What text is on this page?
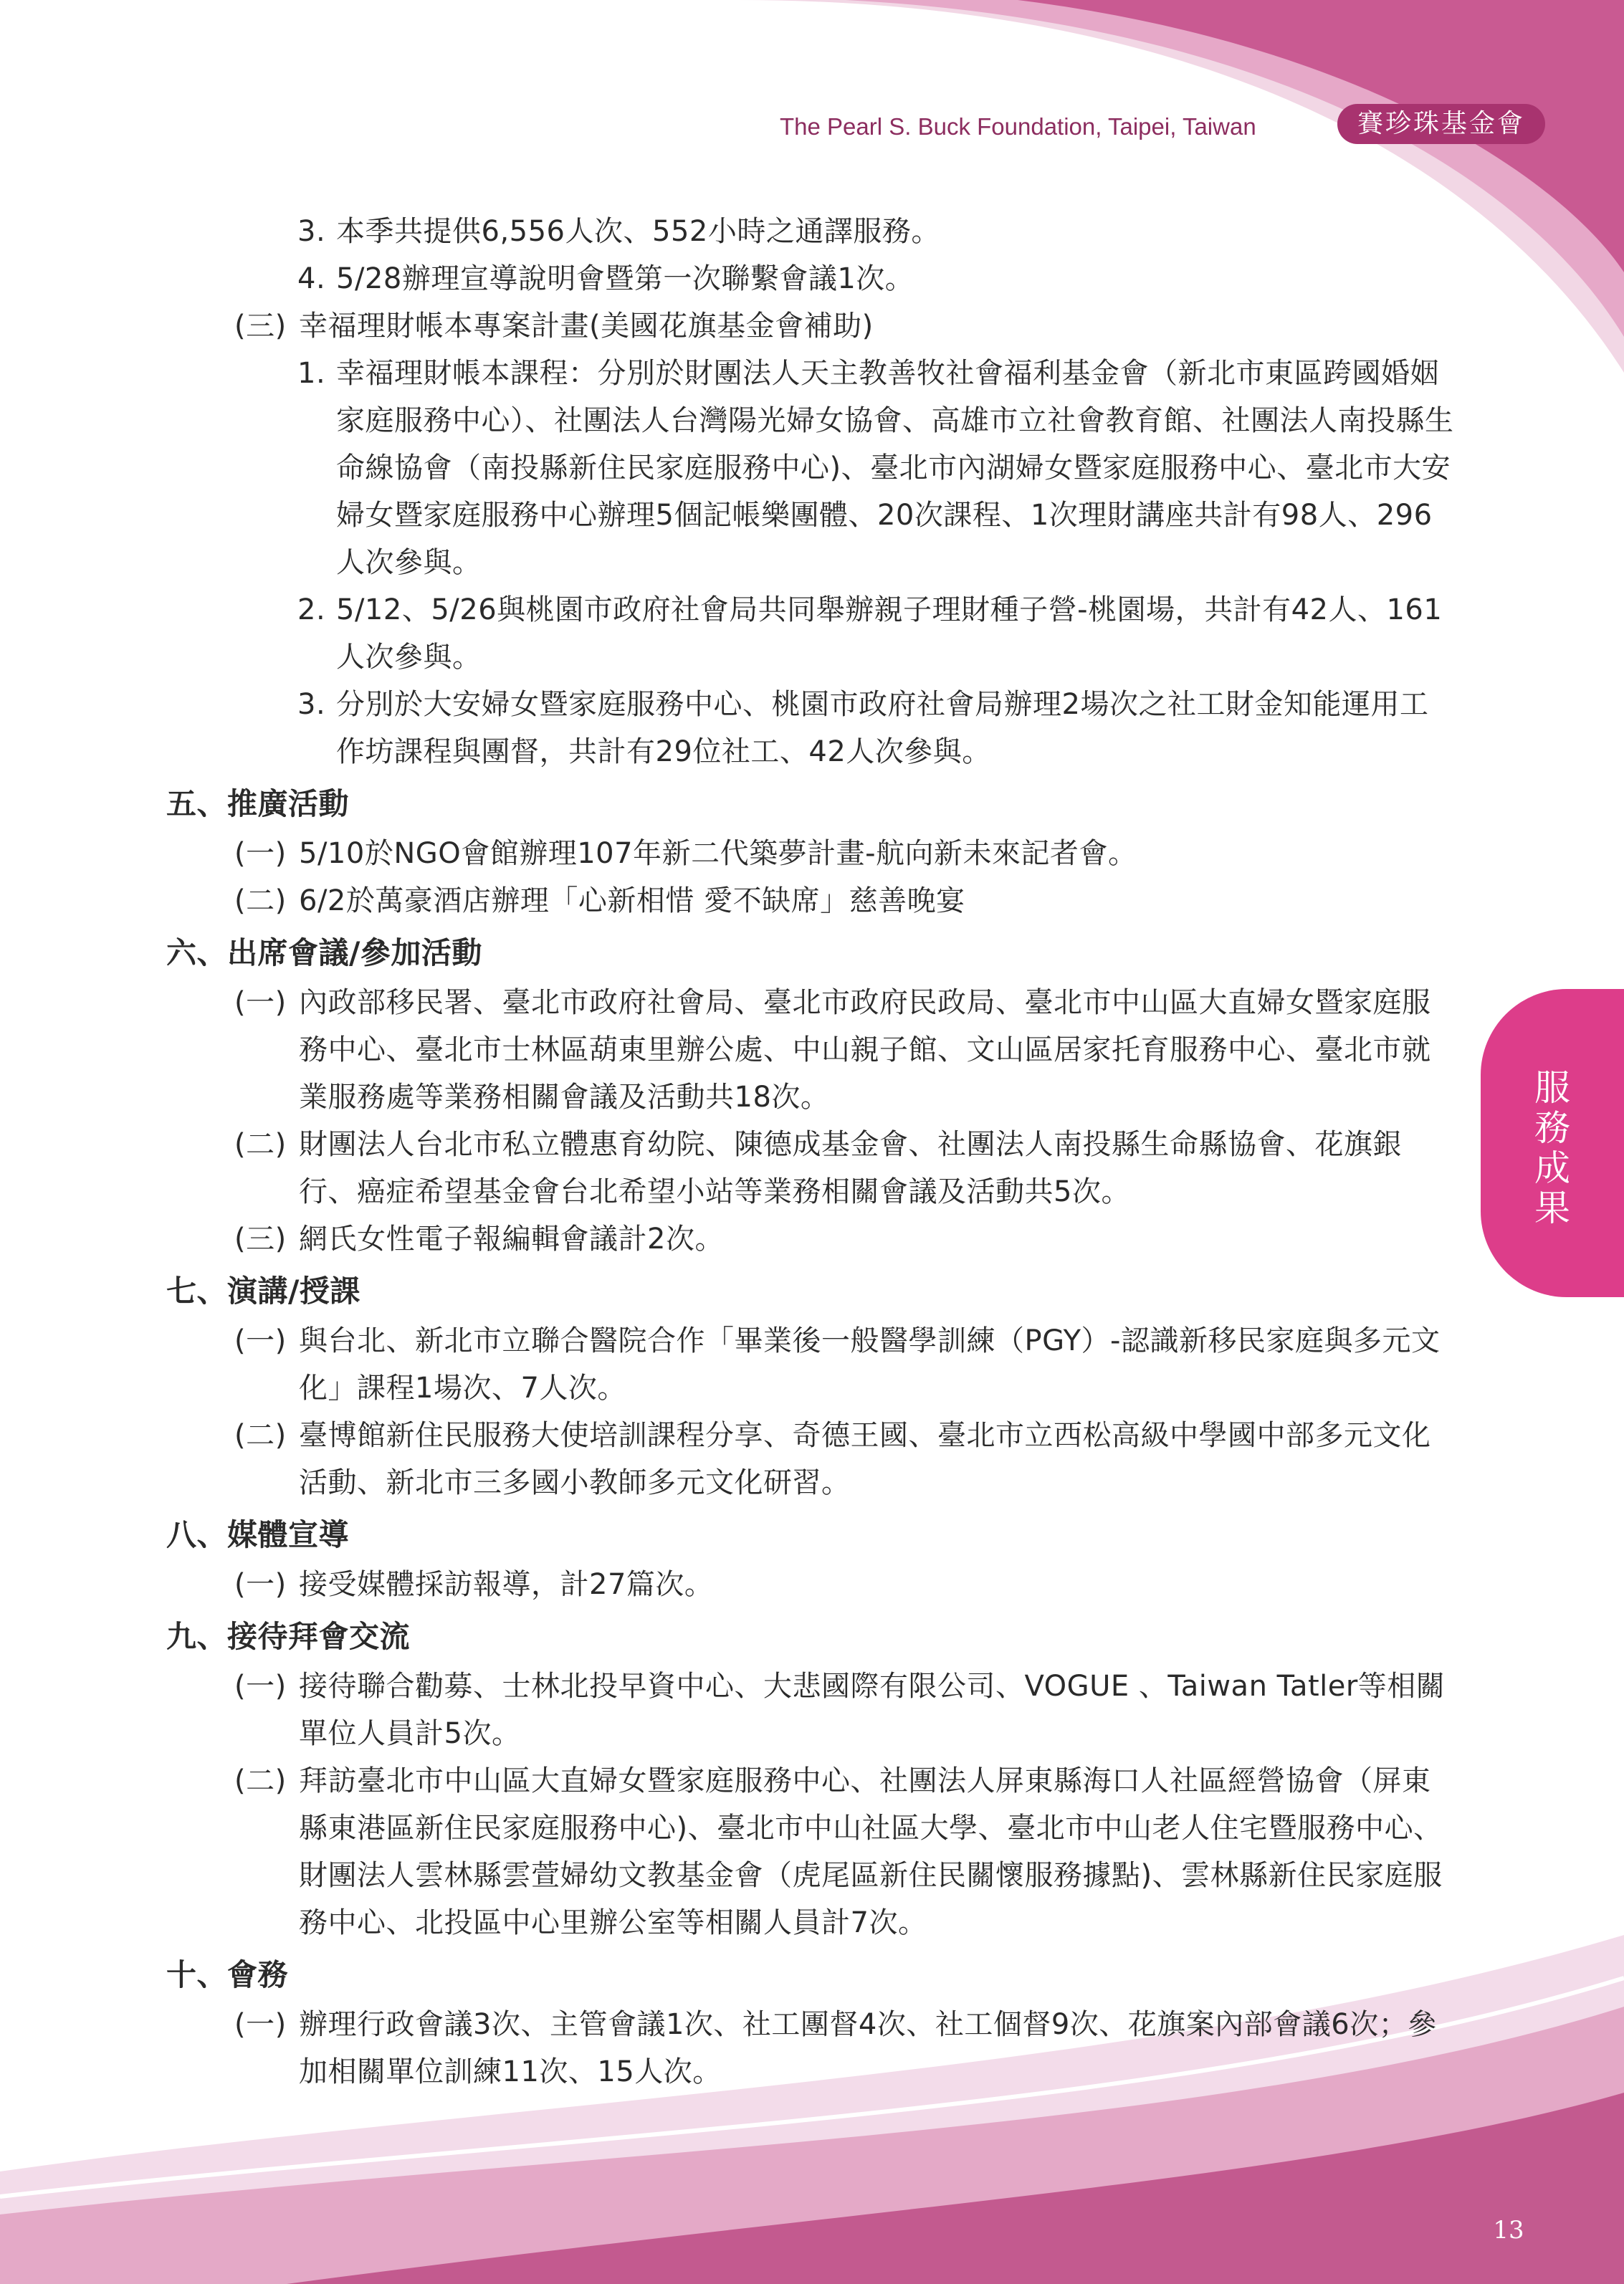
The Pearl S. Buck Foundation, Taipei, Taiwan	賽珍珠基金會
服務成果
3. 本季共提供6,556人次、552小時之通譯服務。
4. 5/28辦理宣導說明會暨第一次聯繫會議1次。
(三) 幸福理財帳本專案計畫(美國花旗基金會補助)
1. 幸福理財帳本課程：分別於財團法人天主教善牧社會福利基金會（新北市東區跨國婚姻家庭服務中心）、社團法人台灣陽光婦女協會、高雄市立社會教育館、社團法人南投縣生命線協會（南投縣新住民家庭服務中心)、臺北市內湖婦女暨家庭服務中心、臺北市大安婦女暨家庭服務中心辦理5個記帳樂團體、20次課程、1次理財講座共計有98人、296人次參與。
2. 5/12、5/26與桃園市政府社會局共同舉辦親子理財種子營-桃園場，共計有42人、161人次參與。
3. 分別於大安婦女暨家庭服務中心、桃園市政府社會局辦理2場次之社工財金知能運用工作坊課程與團督，共計有29位社工、42人次參與。
五、推廣活動
(一) 5/10於NGO會館辦理107年新二代築夢計畫-航向新未來記者會。
(二) 6/2於萬豪酒店辦理「心新相惜 愛不缺席」慈善晚宴
六、出席會議/參加活動
(一) 內政部移民署、臺北市政府社會局、臺北市政府民政局、臺北市中山區大直婦女暨家庭服務中心、臺北市士林區葫東里辦公處、中山親子館、文山區居家托育服務中心、臺北市就業服務處等業務相關會議及活動共18次。
(二) 財團法人台北市私立體惠育幼院、陳德成基金會、社團法人南投縣生命縣協會、花旗銀行、癌症希望基金會台北希望小站等業務相關會議及活動共5次。
(三) 網氏女性電子報編輯會議計2次。
七、演講/授課
(一) 與台北、新北市立聯合醫院合作「畢業後一般醫學訓練（PGY）-認識新移民家庭與多元文化」課程1場次、7人次。
(二) 臺博館新住民服務大使培訓課程分享、奇德王國、臺北市立西松高級中學國中部多元文化活動、新北市三多國小教師多元文化研習。
八、媒體宣導
(一) 接受媒體採訪報導，計27篇次。
九、接待拜會交流
(一) 接待聯合勸募、士林北投早資中心、大悲國際有限公司、VOGUE 、Taiwan Tatler等相關單位人員計5次。
(二) 拜訪臺北市中山區大直婦女暨家庭服務中心、社團法人屏東縣海口人社區經營協會（屏東縣東港區新住民家庭服務中心)、臺北市中山社區大學、臺北市中山老人住宅暨服務中心、財團法人雲林縣雲萱婦幼文教基金會（虎尾區新住民關懷服務據點)、雲林縣新住民家庭服務中心、北投區中心里辦公室等相關人員計7次。
十、會務
(一) 辦理行政會議3次、主管會議1次、社工團督4次、社工個督9次、花旗案內部會議6次；參加相關單位訓練11次、15人次。
13
